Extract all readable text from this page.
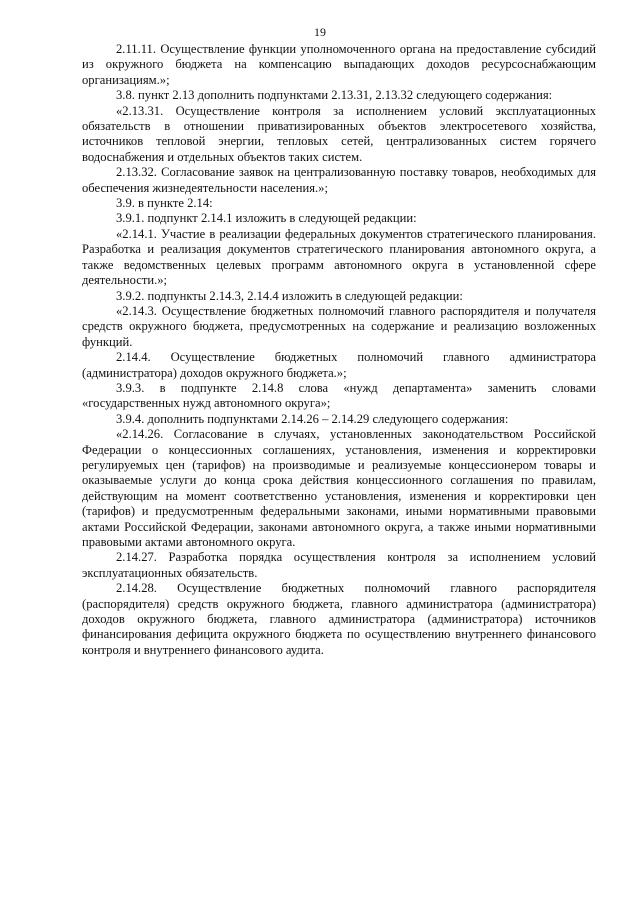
19

2.11.11. Осуществление функции уполномоченного органа на предоставление субсидий из окружного бюджета на компенсацию выпадающих доходов ресурсоснабжающим организациям.»;

3.8. пункт 2.13 дополнить подпунктами 2.13.31, 2.13.32 следующего содержания:

«2.13.31. Осуществление контроля за исполнением условий эксплуатационных обязательств в отношении приватизированных объектов электросетевого хозяйства, источников тепловой энергии, тепловых сетей, централизованных систем горячего водоснабжения и отдельных объектов таких систем.

2.13.32. Согласование заявок на централизованную поставку товаров, необходимых для обеспечения жизнедеятельности населения.»;

3.9. в пункте 2.14:

3.9.1. подпункт 2.14.1 изложить в следующей редакции:

«2.14.1. Участие в реализации федеральных документов стратегического планирования. Разработка и реализация документов стратегического планирования автономного округа, а также ведомственных целевых программ автономного округа в установленной сфере деятельности.»;

3.9.2. подпункты 2.14.3, 2.14.4 изложить в следующей редакции:

«2.14.3. Осуществление бюджетных полномочий главного распорядителя и получателя средств окружного бюджета, предусмотренных на содержание и реализацию возложенных функций.

2.14.4. Осуществление бюджетных полномочий главного администратора (администратора) доходов окружного бюджета.»;

3.9.3. в подпункте 2.14.8 слова «нужд департамента» заменить словами «государственных нужд автономного округа»;

3.9.4. дополнить подпунктами 2.14.26 – 2.14.29 следующего содержания:

«2.14.26. Согласование в случаях, установленных законодательством Российской Федерации о концессионных соглашениях, установления, изменения и корректировки регулируемых цен (тарифов) на производимые и реализуемые концессионером товары и оказываемые услуги до конца срока действия концессионного соглашения по правилам, действующим на момент соответственно установления, изменения и корректировки цен (тарифов) и предусмотренным федеральными законами, иными нормативными правовыми актами Российской Федерации, законами автономного округа, а также иными нормативными правовыми актами автономного округа.

2.14.27. Разработка порядка осуществления контроля за исполнением условий эксплуатационных обязательств.

2.14.28. Осуществление бюджетных полномочий главного распорядителя (распорядителя) средств окружного бюджета, главного администратора (администратора) доходов окружного бюджета, главного администратора (администратора) источников финансирования дефицита окружного бюджета по осуществлению внутреннего финансового контроля и внутреннего финансового аудита.
